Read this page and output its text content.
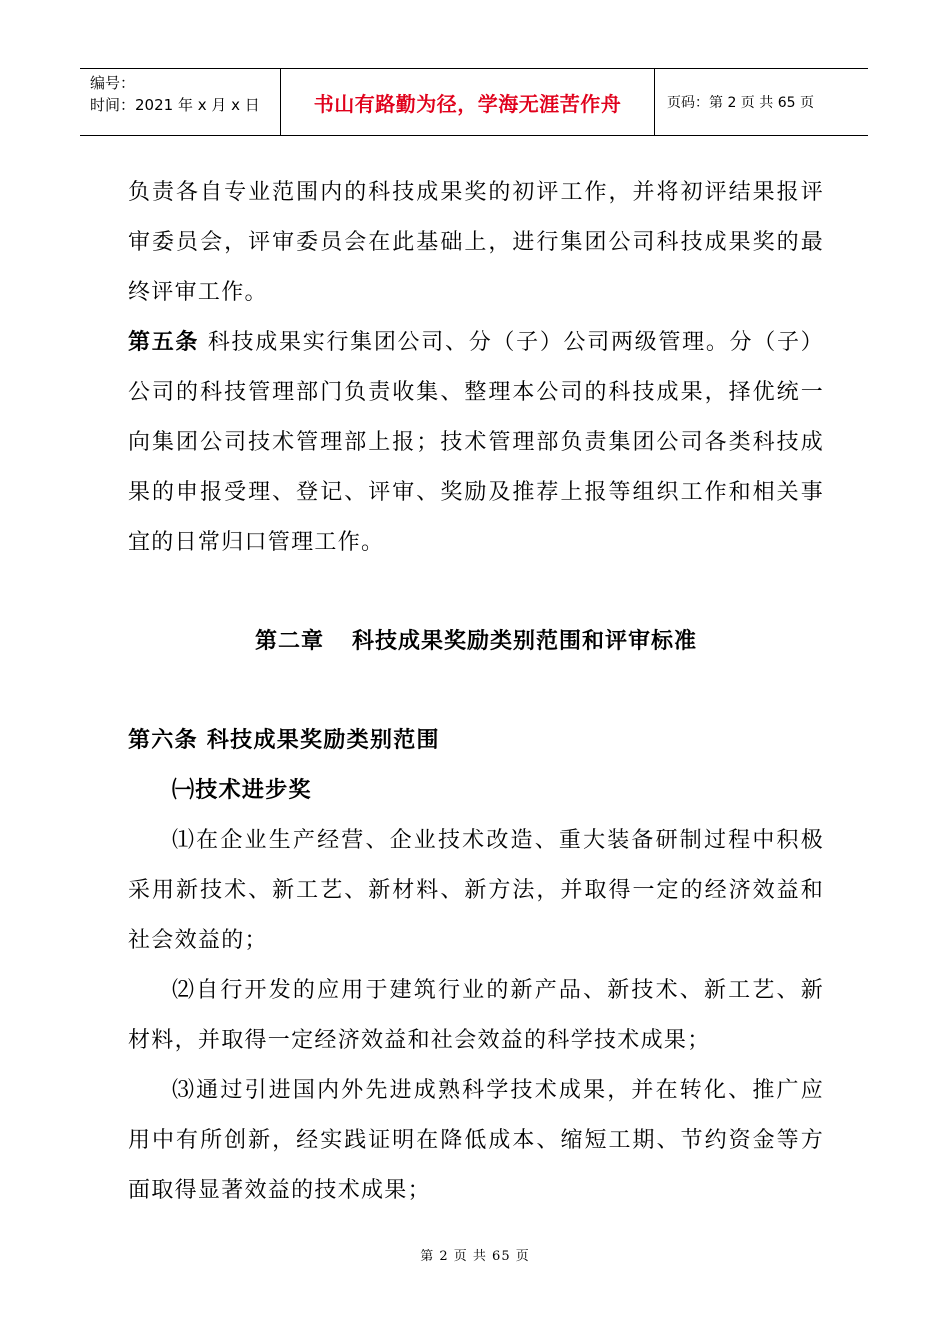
编号：
时间：2021 年 x 月 x 日	书山有路勤为径，学海无涯苦作舟	页码：第 2 页 共 65 页

负责各自专业范围内的科技成果奖的初评工作，并将初评结果报评审委员会，评审委员会在此基础上，进行集团公司科技成果奖的最终评审工作。

第五条 科技成果实行集团公司、分（子）公司两级管理。分（子）公司的科技管理部门负责收集、整理本公司的科技成果，择优统一向集团公司技术管理部上报；技术管理部负责集团公司各类科技成果的申报受理、登记、评审、奖励及推荐上报等组织工作和相关事宜的日常归口管理工作。

第二章 科技成果奖励类别范围和评审标准

第六条 科技成果奖励类别范围

㈠技术进步奖

⑴在企业生产经营、企业技术改造、重大装备研制过程中积极采用新技术、新工艺、新材料、新方法，并取得一定的经济效益和社会效益的；

⑵自行开发的应用于建筑行业的新产品、新技术、新工艺、新材料，并取得一定经济效益和社会效益的科学技术成果；

⑶通过引进国内外先进成熟科学技术成果，并在转化、推广应用中有所创新，经实践证明在降低成本、缩短工期、节约资金等方面取得显著效益的技术成果；

第 2 页 共 65 页
